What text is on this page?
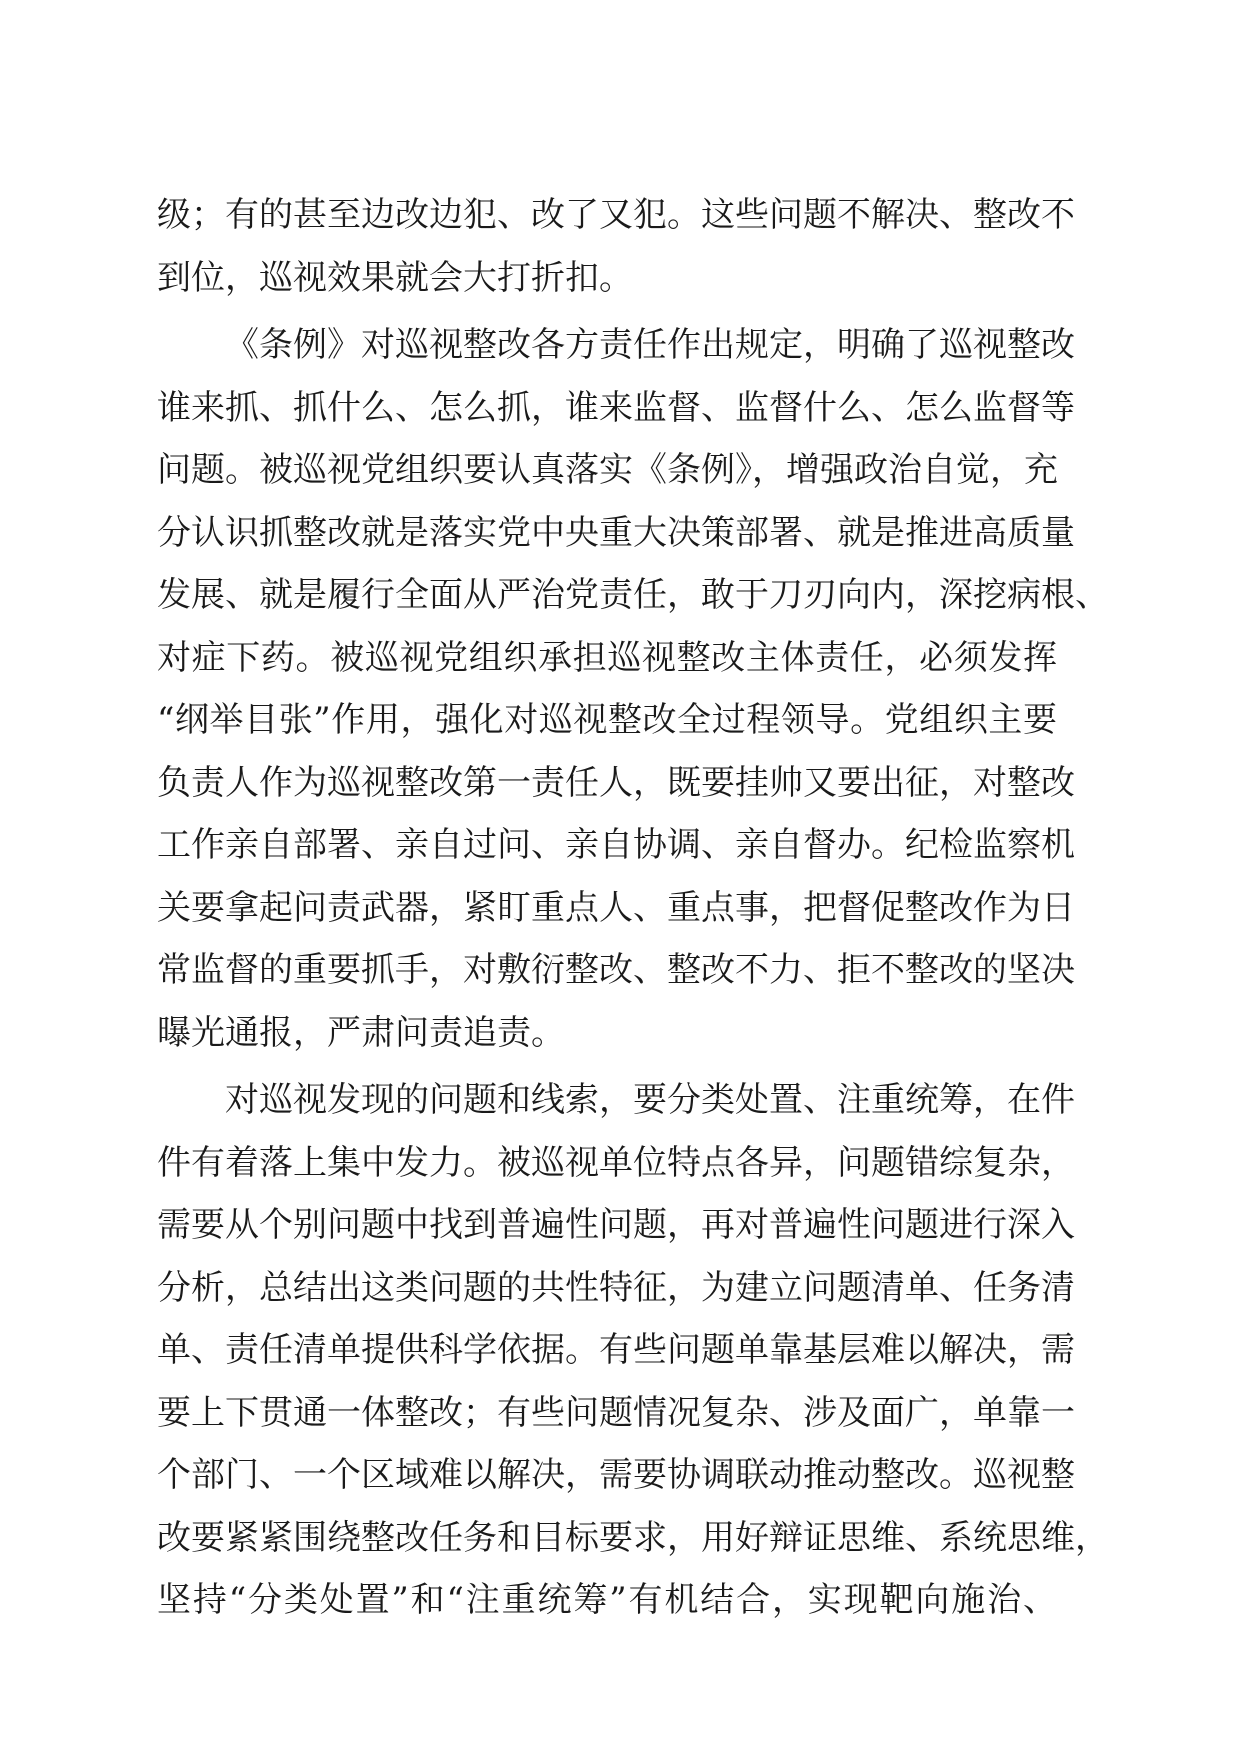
级；有的甚至边改边犯、改了又犯。这些问题不解决、整改不
到位，巡视效果就会大打折扣。
《条例》对巡视整改各方责任作出规定，明确了巡视整改
谁来抓、抓什么、怎么抓，谁来监督、监督什么、怎么监督等
问题。被巡视党组织要认真落实《条例》，增强政治自觉，充
分认识抓整改就是落实党中央重大决策部署、就是推进高质量
发展、就是履行全面从严治党责任，敢于刀刃向内，深挖病根、
对症下药。被巡视党组织承担巡视整改主体责任，必须发挥
“纲举目张”作用，强化对巡视整改全过程领导。党组织主要
负责人作为巡视整改第一责任人，既要挂帅又要出征，对整改
工作亲自部署、亲自过问、亲自协调、亲自督办。纪检监察机
关要拿起问责武器，紧盯重点人、重点事，把督促整改作为日
常监督的重要抓手，对敷衍整改、整改不力、拒不整改的坚决
曝光通报，严肃问责追责。
对巡视发现的问题和线索，要分类处置、注重统筹，在件
件有着落上集中发力。被巡视单位特点各异，问题错综复杂，
需要从个别问题中找到普遍性问题，再对普遍性问题进行深入
分析，总结出这类问题的共性特征，为建立问题清单、任务清
单、责任清单提供科学依据。有些问题单靠基层难以解决，需
要上下贯通一体整改；有些问题情况复杂、涉及面广，单靠一
个部门、一个区域难以解决，需要协调联动推动整改。巡视整
改要紧紧围绕整改任务和目标要求，用好辩证思维、系统思维，
坚持“分类处置”和“注重统筹”有机结合，实现靶向施治、
